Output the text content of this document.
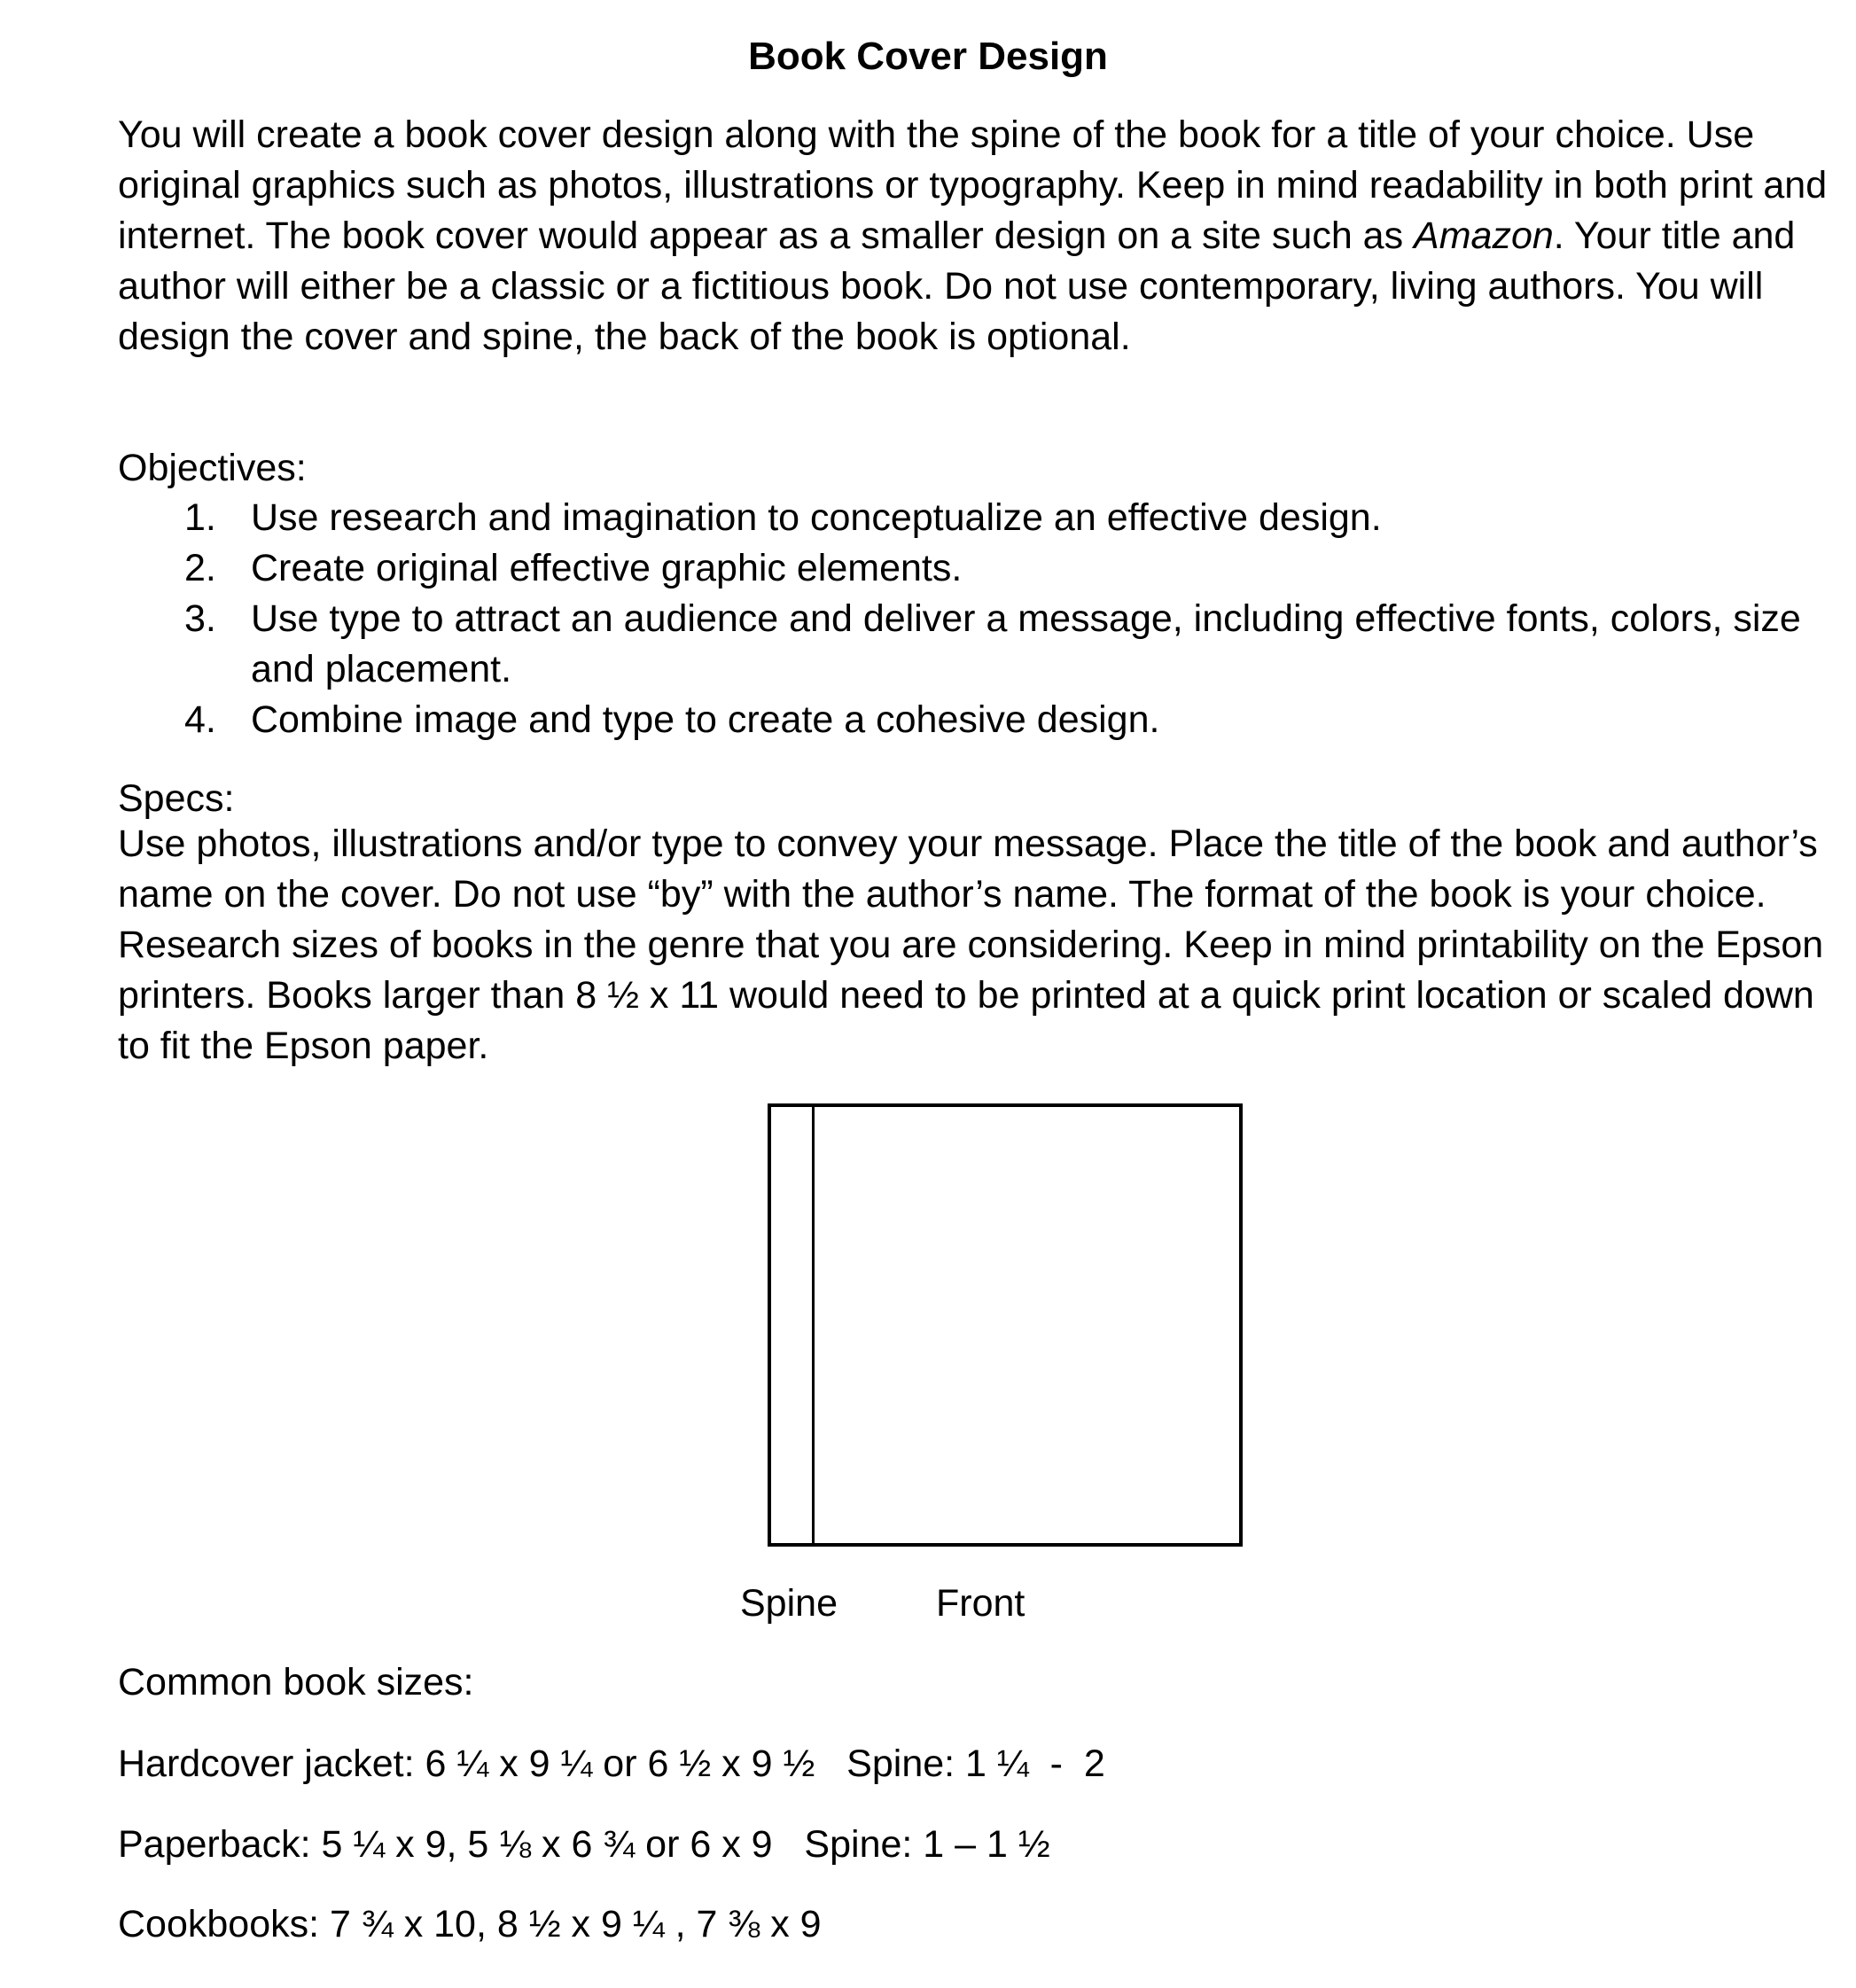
Book Cover Design

You will create a book cover design along with the spine of the book for a title of your choice. Use original graphics such as photos, illustrations or typography. Keep in mind readability in both print and internet. The book cover would appear as a smaller design on a site such as Amazon. Your title and author will either be a classic or a fictitious book. Do not use contemporary, living authors. You will design the cover and spine, the back of the book is optional.

Objectives:

1. Use research and imagination to conceptualize an effective design.
2. Create original effective graphic elements.
3. Use type to attract an audience and deliver a message, including effective fonts, colors, size and placement.
4. Combine image and type to create a cohesive design.

Specs:

Use photos, illustrations and/or type to convey your message. Place the title of the book and author’s name on the cover. Do not use “by” with the author’s name. The format of the book is your choice. Research sizes of books in the genre that you are considering. Keep in mind printability on the Epson printers. Books larger than 8 ½ x 11 would need to be printed at a quick print location or scaled down to fit the Epson paper.

Spine	Front

Common book sizes:

Hardcover jacket: 6 ¼ x 9 ¼ or 6 ½ x 9 ½   Spine: 1 ¼  -  2

Paperback: 5 ¼ x 9, 5 ⅛ x 6 ¾ or 6 x 9   Spine: 1 – 1 ½

Cookbooks: 7 ¾ x 10, 8 ½ x 9 ¼ , 7 ⅜ x 9
